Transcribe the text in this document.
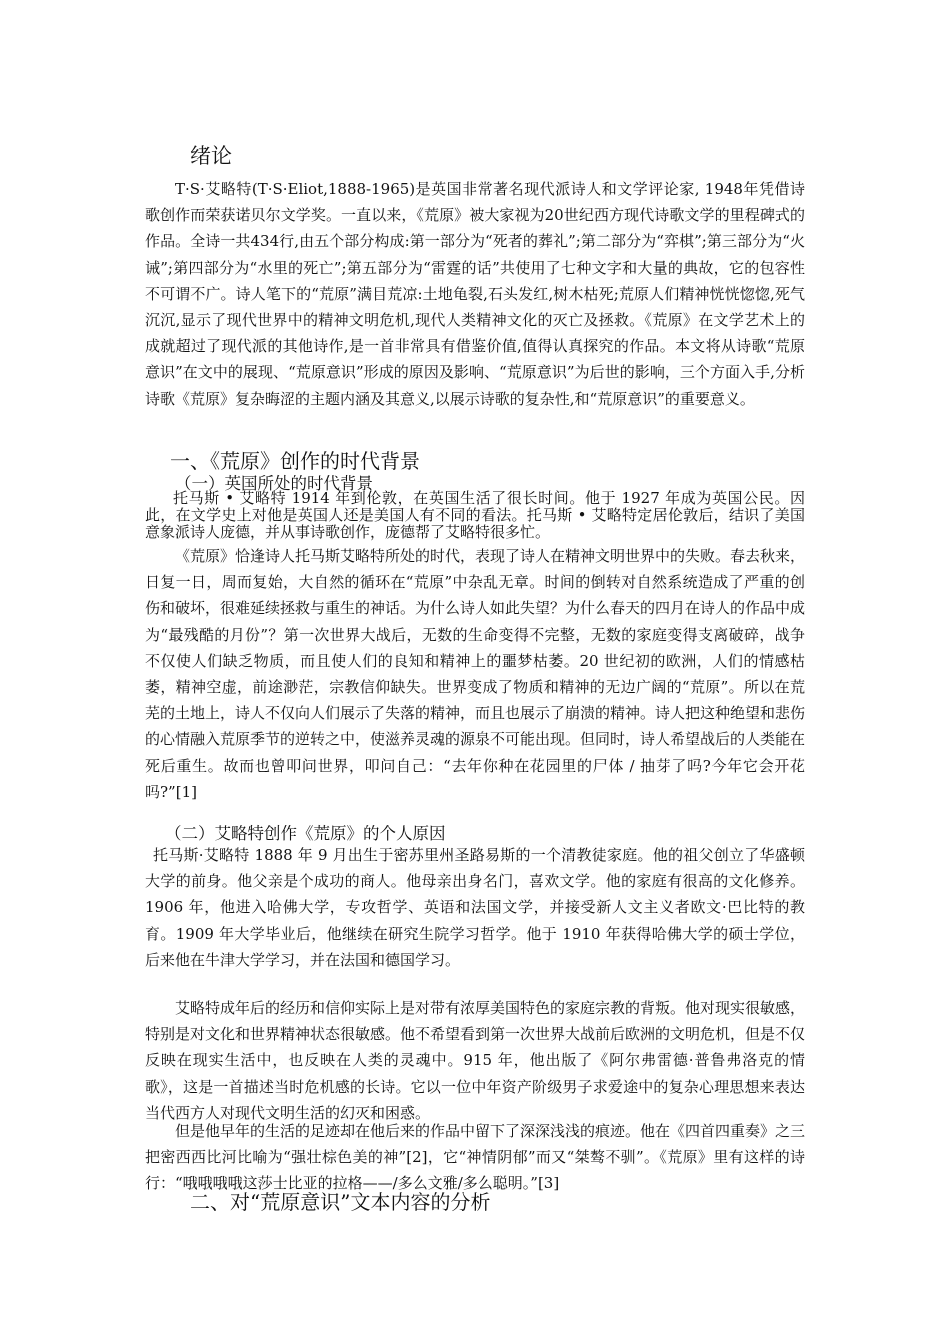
绪论
T·S·艾略特(T·S·Eliot,1888-1965)是英国非常著名现代派诗人和文学评论家, 1948年凭借诗歌创作而荣获诺贝尔文学奖。一直以来，《荒原》被大家视为20世纪西方现代诗歌文学的里程碑式的作品。全诗一共434行,由五个部分构成:第一部分为“死者的葬礼”;第二部分为“弈棋”;第三部分为“火诫”;第四部分为“水里的死亡”;第五部分为“雷霆的话”共使用了七种文字和大量的典故，它的包容性不可谓不广。诗人笔下的“荒原”满目荒凉:土地龟裂,石头发红,树木枯死;荒原人们精神恍恍惚惚,死气沉沉,显示了现代世界中的精神文明危机,现代人类精神文化的灭亡及拯救。《荒原》在文学艺术上的成就超过了现代派的其他诗作,是一首非常具有借鉴价值,值得认真探究的作品。本文将从诗歌“荒原意识”在文中的展现、“荒原意识”形成的原因及影响、“荒原意识”为后世的影响，三个方面入手,分析诗歌《荒原》复杂晦涩的主题内涵及其意义,以展示诗歌的复杂性,和“荒原意识”的重要意义。
一、《荒原》创作的时代背景
（一）英国所处的时代背景
托马斯 • 艾略特 1914 年到伦敦，在英国生活了很长时间。他于 1927 年成为英国公民。因此，在文学史上对他是英国人还是美国人有不同的看法。托马斯 • 艾略特定居伦敦后，结识了美国意象派诗人庞德，并从事诗歌创作，庞德帮了艾略特很多忙。
《荒原》恰逢诗人托马斯艾略特所处的时代，表现了诗人在精神文明世界中的失败。春去秋来，日复一日，周而复始，大自然的循环在“荒原”中杂乱无章。时间的倒转对自然系统造成了严重的创伤和破坏，很难延续拯救与重生的神话。为什么诗人如此失望？为什么春天的四月在诗人的作品中成为“最残酷的月份”？第一次世界大战后，无数的生命变得不完整，无数的家庭变得支离破碎，战争不仅使人们缺乏物质，而且使人们的良知和精神上的噩梦枯萎。20 世纪初的欧洲，人们的情感枯萎，精神空虚，前途渺茫，宗教信仰缺失。世界变成了物质和精神的无边广阔的“荒原”。所以在荒芜的土地上，诗人不仅向人们展示了失落的精神，而且也展示了崩溃的精神。诗人把这种绝望和悲伤的心情融入荒原季节的逆转之中，使滋养灵魂的源泉不可能出现。但同时，诗人希望战后的人类能在死后重生。故而也曾叩问世界，叩问自己：“去年你种在花园里的尸体 / 抽芽了吗?今年它会开花吗?”[1]
（二）艾略特创作《荒原》的个人原因
托马斯·艾略特 1888 年 9 月出生于密苏里州圣路易斯的一个清教徒家庭。他的祖父创立了华盛顿大学的前身。他父亲是个成功的商人。他母亲出身名门，喜欢文学。他的家庭有很高的文化修养。1906 年，他进入哈佛大学，专攻哲学、英语和法国文学，并接受新人文主义者欧文·巴比特的教育。1909 年大学毕业后，他继续在研究生院学习哲学。他于 1910 年获得哈佛大学的硕士学位，后来他在牛津大学学习，并在法国和德国学习。
艾略特成年后的经历和信仰实际上是对带有浓厚美国特色的家庭宗教的背叛。他对现实很敏感，特别是对文化和世界精神状态很敏感。他不希望看到第一次世界大战前后欧洲的文明危机，但是不仅反映在现实生活中，也反映在人类的灵魂中。915 年，他出版了《阿尔弗雷德·普鲁弗洛克的情歌》，这是一首描述当时危机感的长诗。它以一位中年资产阶级男子求爱途中的复杂心理思想来表达当代西方人对现代文明生活的幻灭和困惑。
但是他早年的生活的足迹却在他后来的作品中留下了深深浅浅的痕迹。他在《四首四重奏》之三把密西西比河比喻为“强壮棕色美的神”[2]，它“神情阴郁”而又“桀骜不驯”。《荒原》里有这样的诗行：“哦哦哦哦这莎士比亚的拉格——/多么文雅/多么聪明。”[3]
二、对“荒原意识”文本内容的分析
